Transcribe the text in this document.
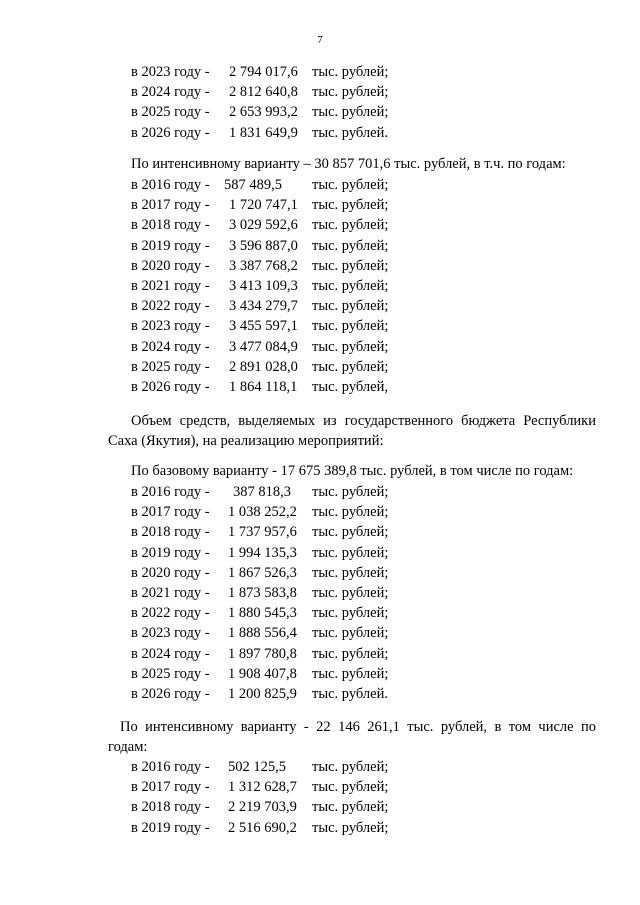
7
в 2023 году - 2 794 017,6 тыс. рублей;
в 2024 году - 2 812 640,8 тыс. рублей;
в 2025 году - 2 653 993,2 тыс. рублей;
в 2026 году - 1 831 649,9 тыс. рублей.
По интенсивному варианту – 30 857 701,6 тыс. рублей, в т.ч. по годам:
в 2016 году - 587 489,5 тыс. рублей;
в 2017 году - 1 720 747,1 тыс. рублей;
в 2018 году - 3 029 592,6 тыс. рублей;
в 2019 году - 3 596 887,0 тыс. рублей;
в 2020 году - 3 387 768,2 тыс. рублей;
в 2021 году - 3 413 109,3 тыс. рублей;
в 2022 году - 3 434 279,7 тыс. рублей;
в 2023 году - 3 455 597,1 тыс. рублей;
в 2024 году - 3 477 084,9 тыс. рублей;
в 2025 году - 2 891 028,0 тыс. рублей;
в 2026 году - 1 864 118,1 тыс. рублей,
Объем средств, выделяемых из государственного бюджета Республики
Саха (Якутия), на реализацию мероприятий:
По базовому варианту - 17 675 389,8 тыс. рублей, в том числе по годам:
в 2016 году - 387 818,3 тыс. рублей;
в 2017 году - 1 038 252,2 тыс. рублей;
в 2018 году - 1 737 957,6 тыс. рублей;
в 2019 году - 1 994 135,3 тыс. рублей;
в 2020 году - 1 867 526,3 тыс. рублей;
в 2021 году - 1 873 583,8 тыс. рублей;
в 2022 году - 1 880 545,3 тыс. рублей;
в 2023 году - 1 888 556,4 тыс. рублей;
в 2024 году - 1 897 780,8 тыс. рублей;
в 2025 году - 1 908 407,8 тыс. рублей;
в 2026 году - 1 200 825,9 тыс. рублей.
По интенсивному варианту - 22 146 261,1 тыс. рублей, в том числе по
годам:
в 2016 году - 502 125,5 тыс. рублей;
в 2017 году - 1 312 628,7 тыс. рублей;
в 2018 году - 2 219 703,9 тыс. рублей;
в 2019 году - 2 516 690,2 тыс. рублей;
